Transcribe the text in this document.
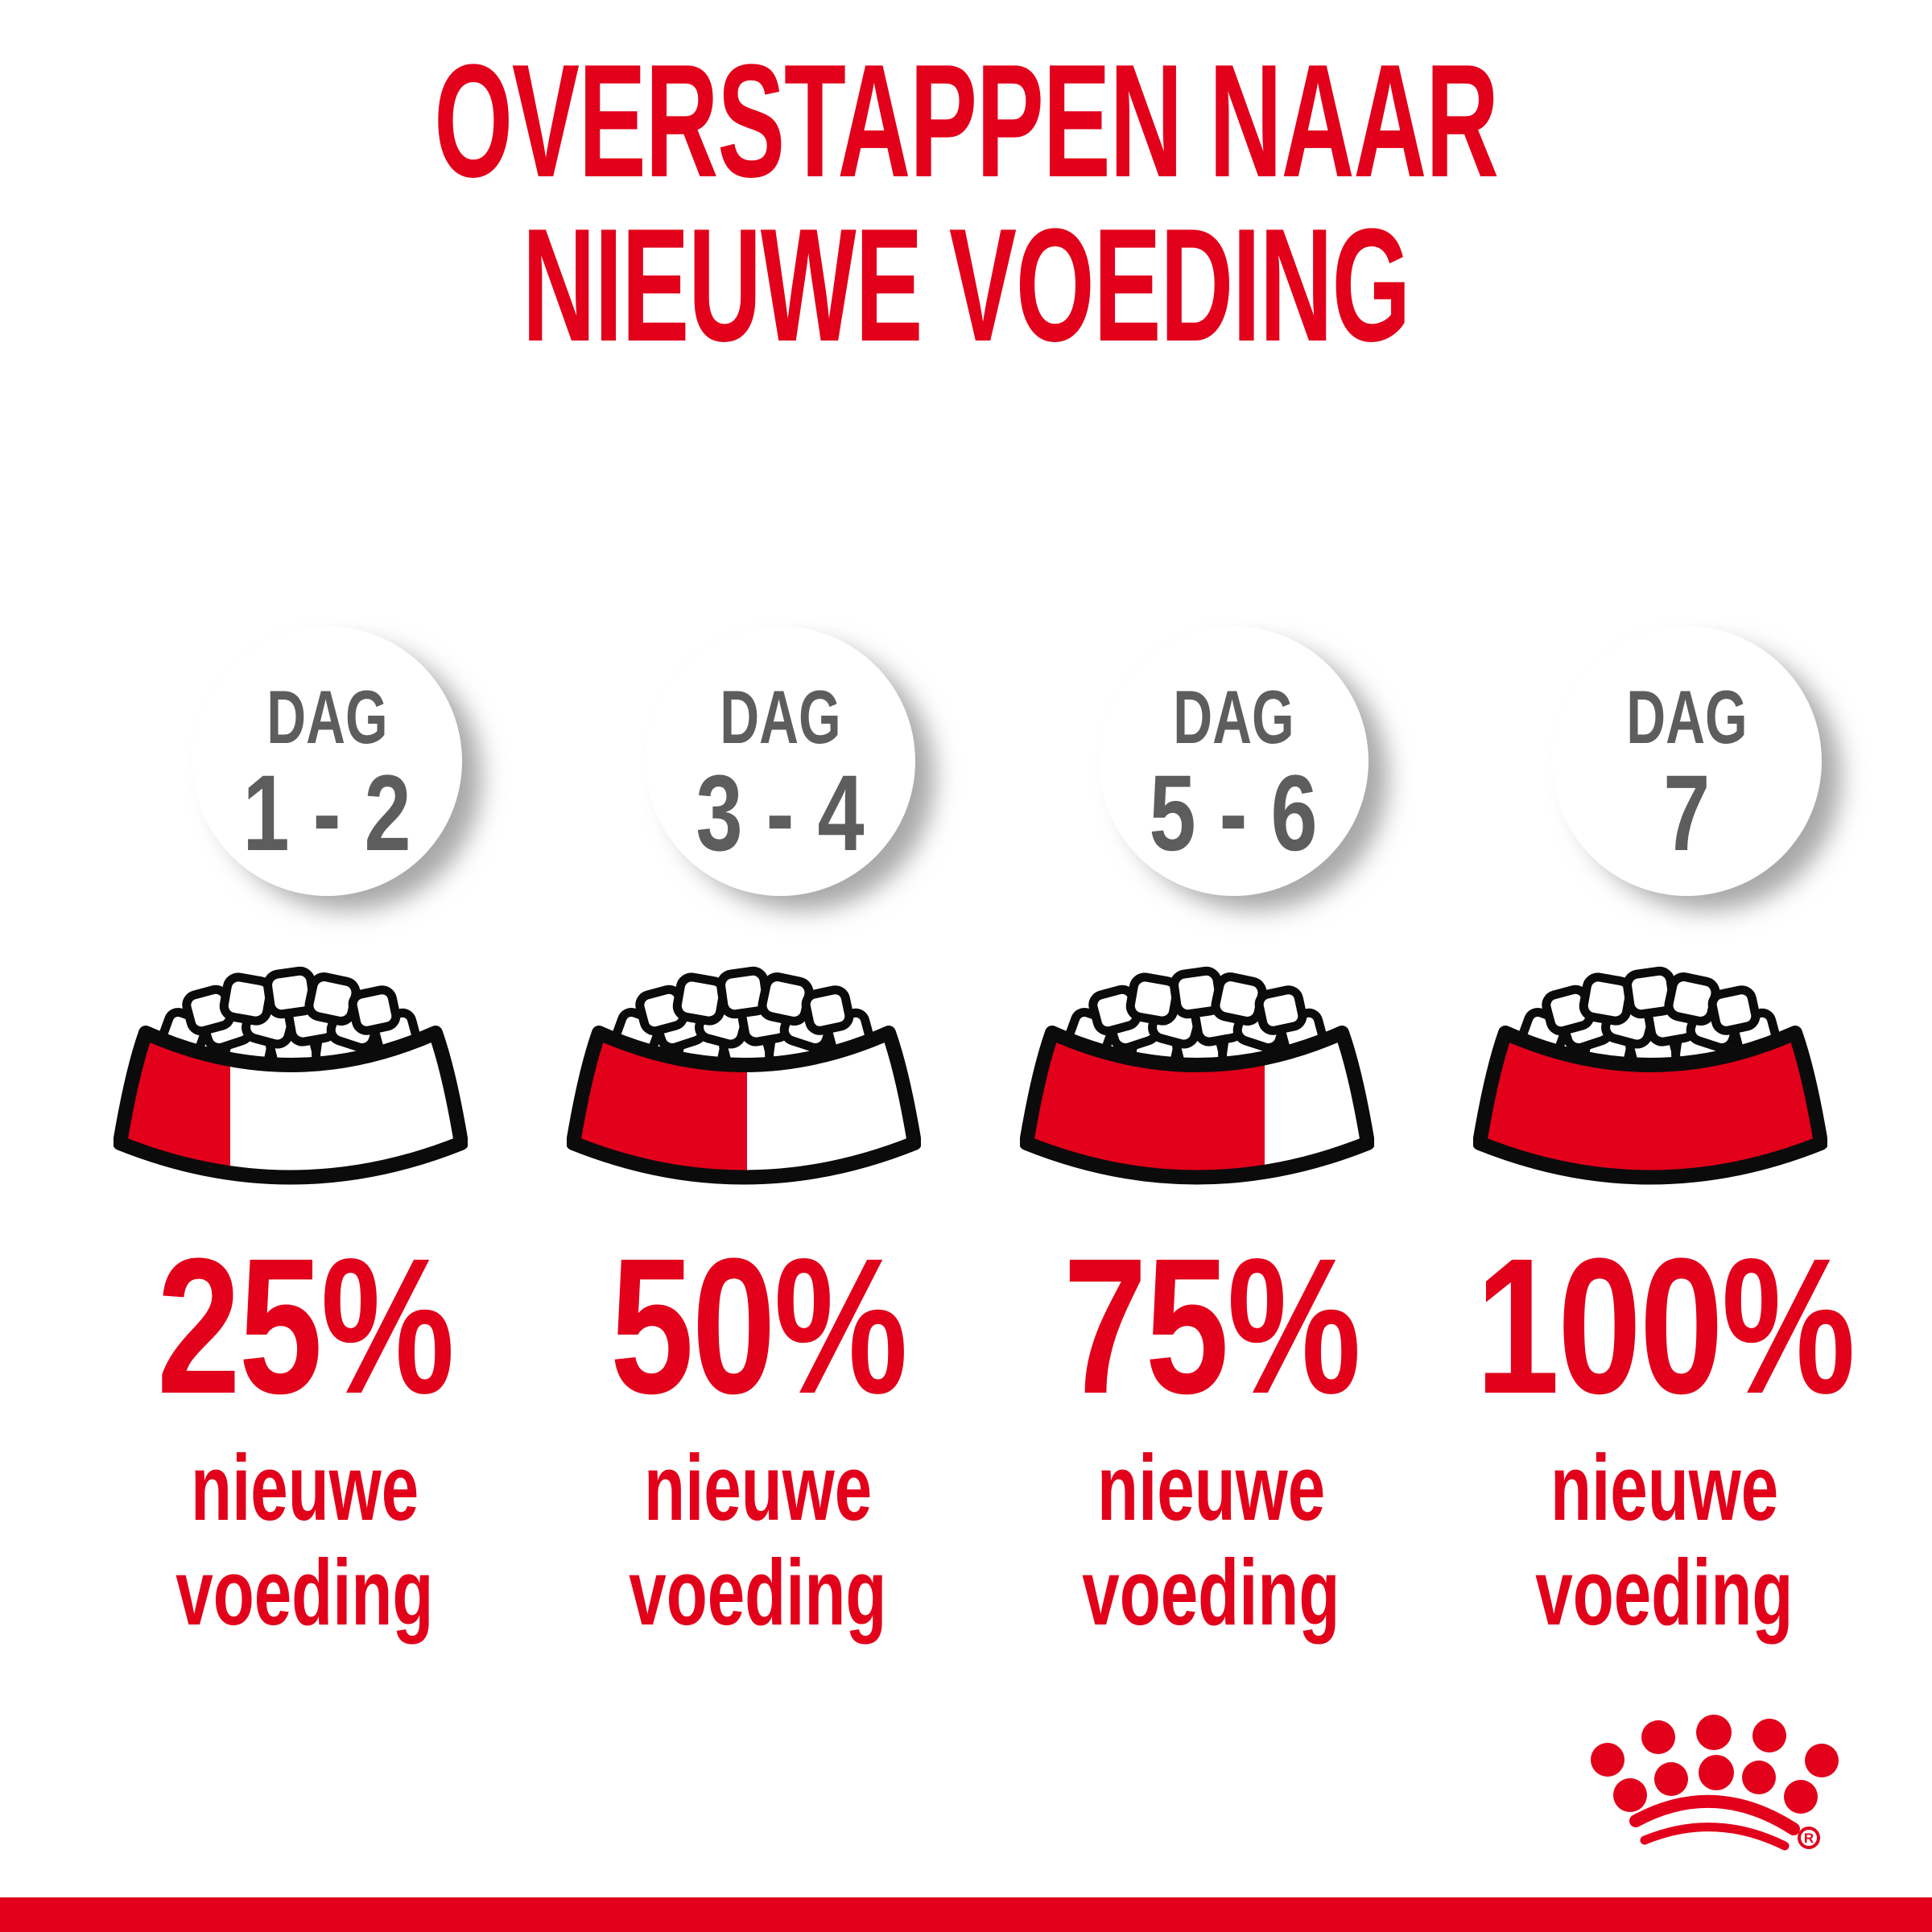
OVERSTAPPEN NAAR
NIEUWE VOEDING
DAG
1 - 2
25%
nieuwe
voeding
DAG
3 - 4
50%
nieuwe
voeding
DAG
5 - 6
75%
nieuwe
voeding
DAG
7
100%
nieuwe
voeding
R
